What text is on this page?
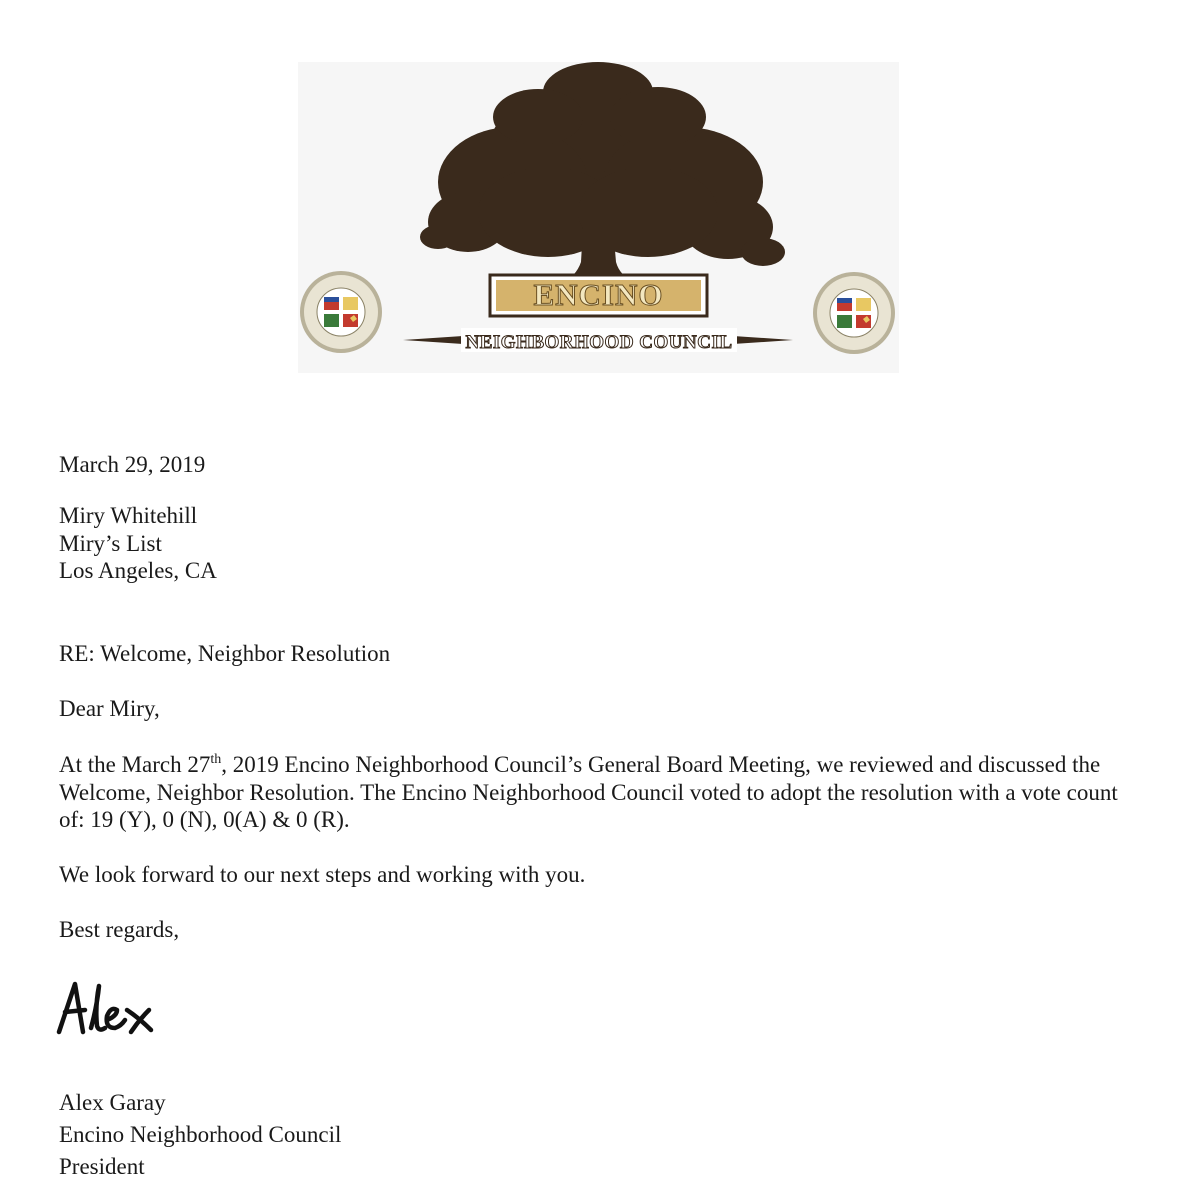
ENCINO
NEIGHBORHOOD COUNCIL

March 29, 2019

Miry Whitehill
Miry’s List
Los Angeles, CA

RE: Welcome, Neighbor Resolution

Dear Miry,

At the March 27th, 2019 Encino Neighborhood Council’s General Board Meeting, we reviewed and discussed the Welcome, Neighbor Resolution. The Encino Neighborhood Council voted to adopt the resolution with a vote count of: 19 (Y), 0 (N), 0(A) & 0 (R).

We look forward to our next steps and working with you.

Best regards,

Alex Garay
Encino Neighborhood Council
President
